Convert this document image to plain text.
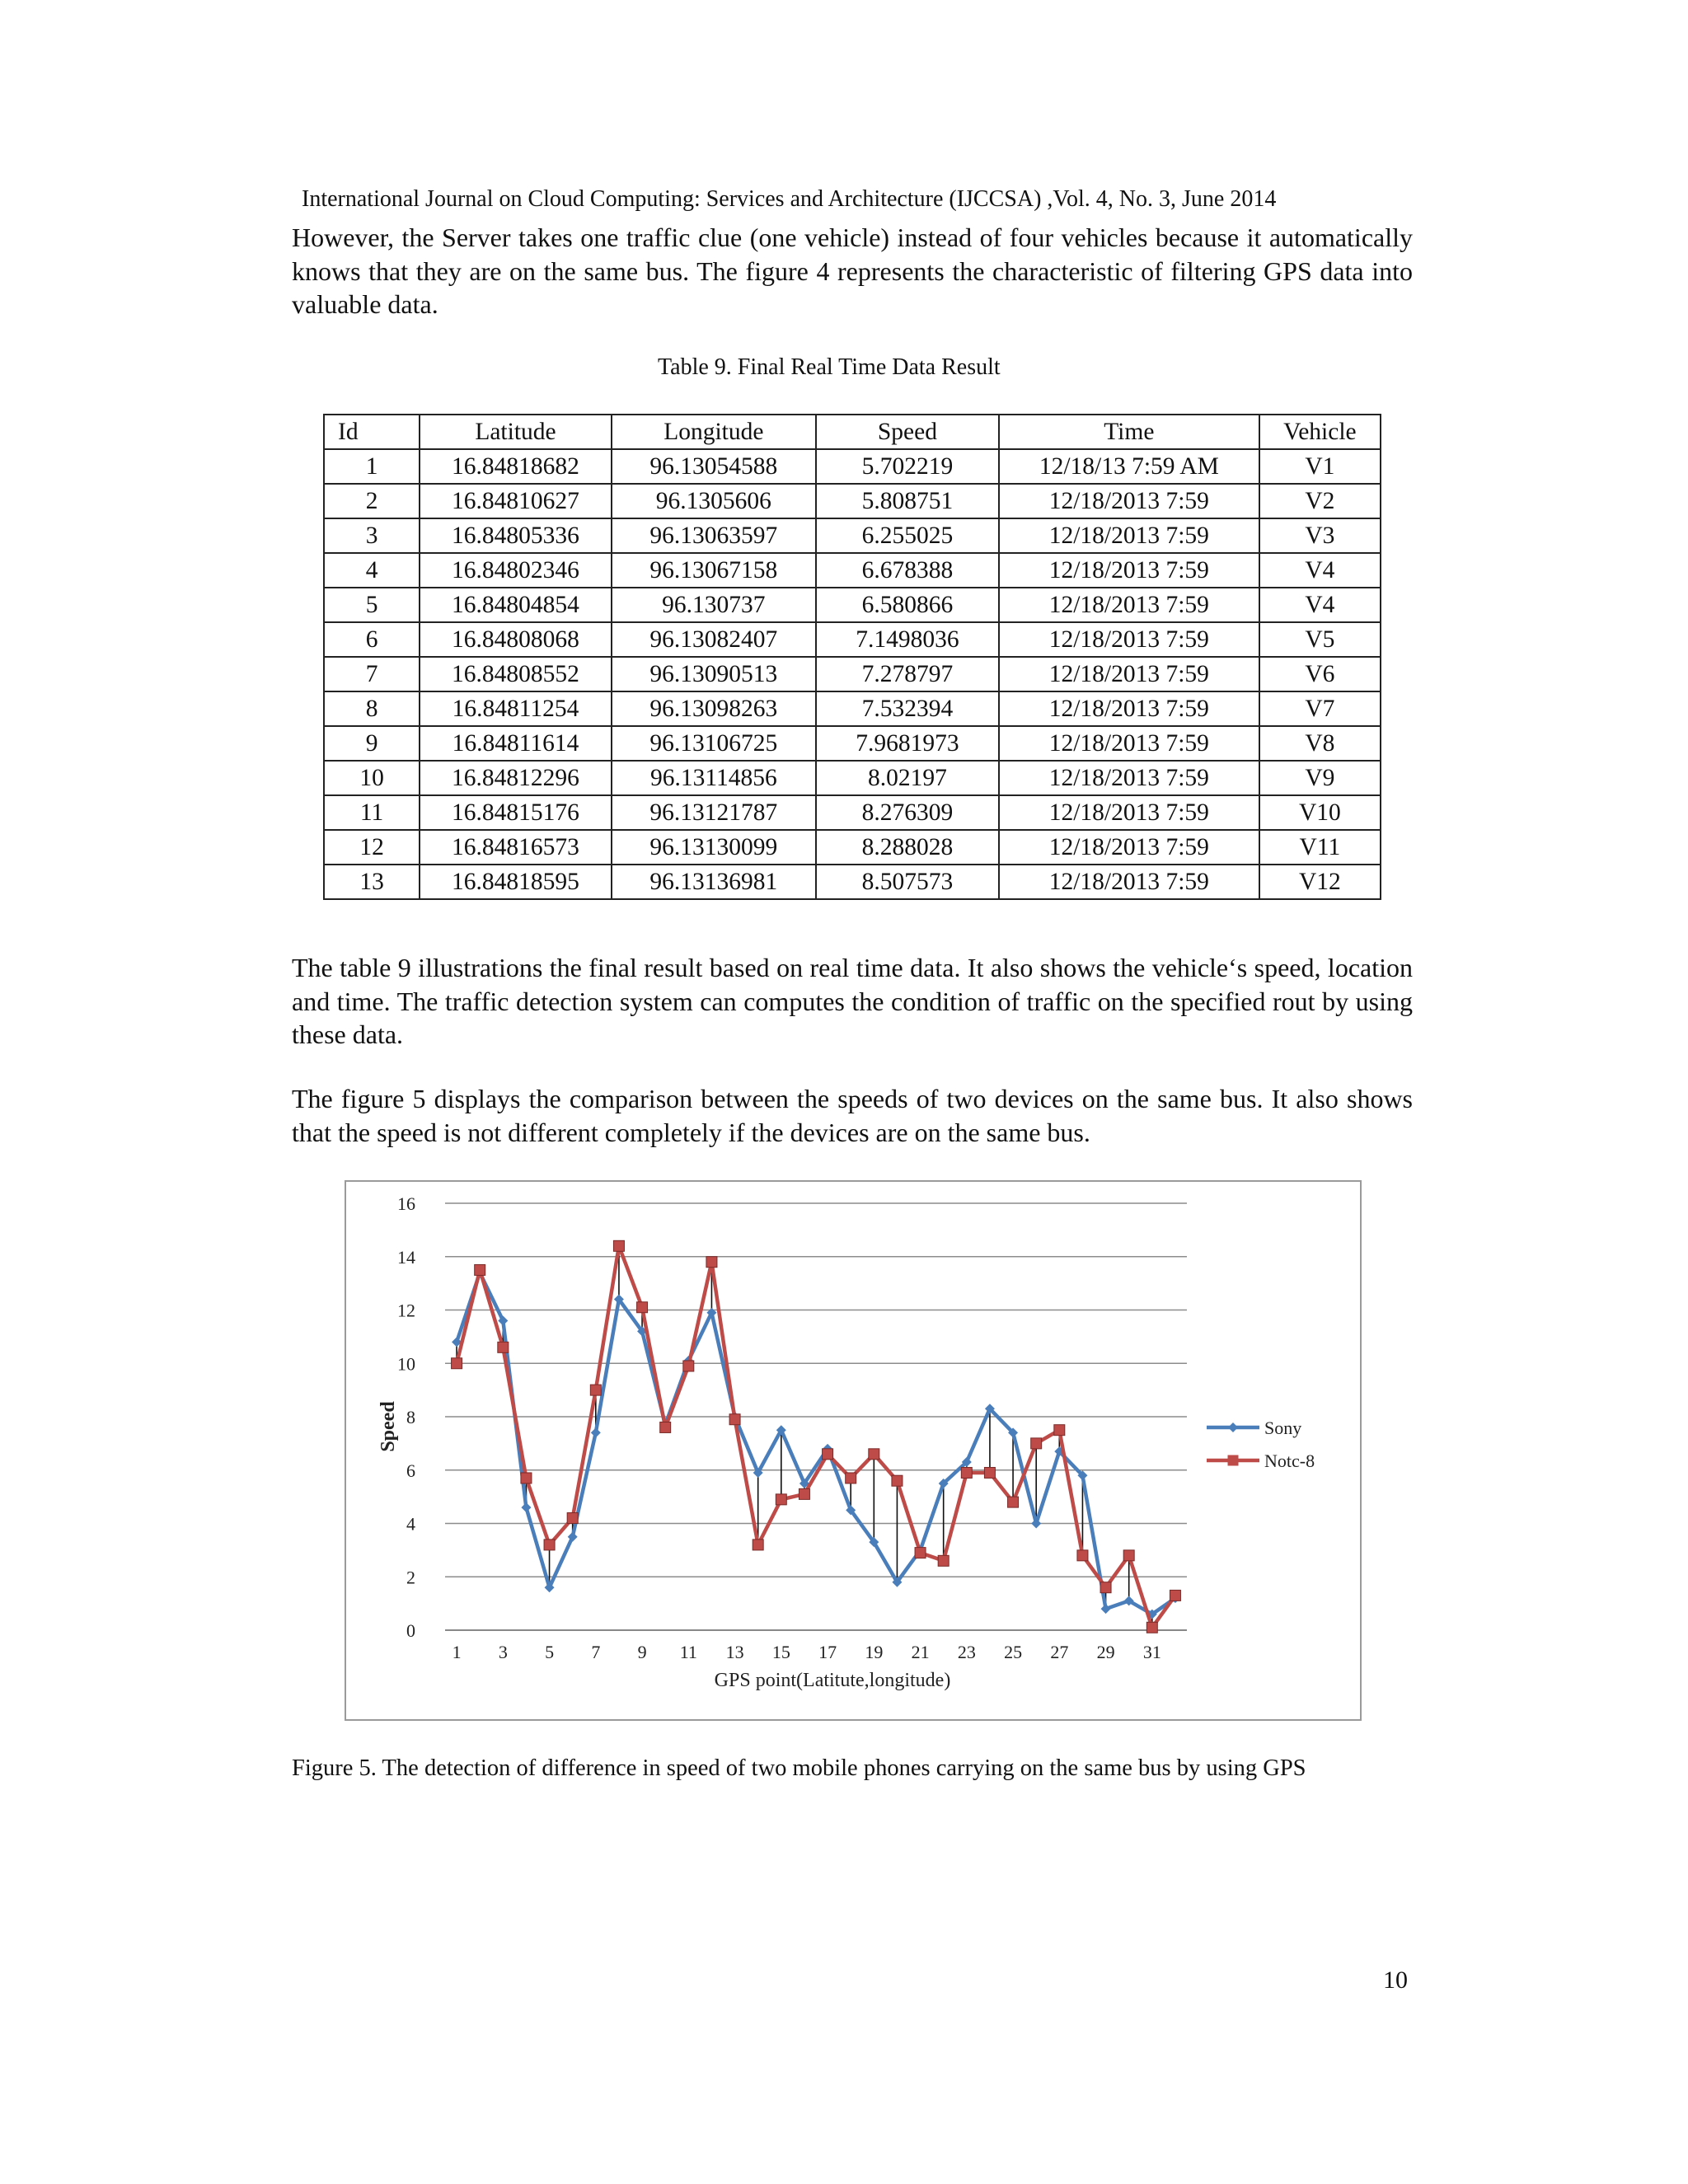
International Journal on Cloud Computing: Services and Architecture (IJCCSA) ,Vol. 4, No. 3, June 2014

However, the Server takes one traffic clue (one vehicle) instead of four vehicles because it automatically knows that they are on the same bus. The figure 4 represents the characteristic of filtering GPS data into valuable data.

Table 9. Final Real Time Data Result
Id	Latitude	Longitude	Speed	Time	Vehicle
1	16.84818682	96.13054588	5.702219	12/18/13 7:59 AM	V1
2	16.84810627	96.1305606	5.808751	12/18/2013 7:59	V2
3	16.84805336	96.13063597	6.255025	12/18/2013 7:59	V3
4	16.84802346	96.13067158	6.678388	12/18/2013 7:59	V4
5	16.84804854	96.130737	6.580866	12/18/2013 7:59	V4
6	16.84808068	96.13082407	7.1498036	12/18/2013 7:59	V5
7	16.84808552	96.13090513	7.278797	12/18/2013 7:59	V6
8	16.84811254	96.13098263	7.532394	12/18/2013 7:59	V7
9	16.84811614	96.13106725	7.9681973	12/18/2013 7:59	V8
10	16.84812296	96.13114856	8.02197	12/18/2013 7:59	V9
11	16.84815176	96.13121787	8.276309	12/18/2013 7:59	V10
12	16.84816573	96.13130099	8.288028	12/18/2013 7:59	V11
13	16.84818595	96.13136981	8.507573	12/18/2013 7:59	V12

The table 9 illustrations the final result based on real time data. It also shows the vehicle‘s speed, location and time. The traffic detection system can computes the condition of traffic on the specified rout by using these data.

The figure 5 displays the comparison between the speeds of two devices on the same bus. It also shows that the speed is not different completely if the devices are on the same bus.

0
2
4
6
8
10
12
14
16
1 3 5 7 9 11 13 15 17 19 21 23 25 27 29 31
GPS point(Latitute,longitude)
Speed	Sony
Notc-8
Figure 5. The detection of difference in speed of two mobile phones carrying on the same bus by using GPS
10
